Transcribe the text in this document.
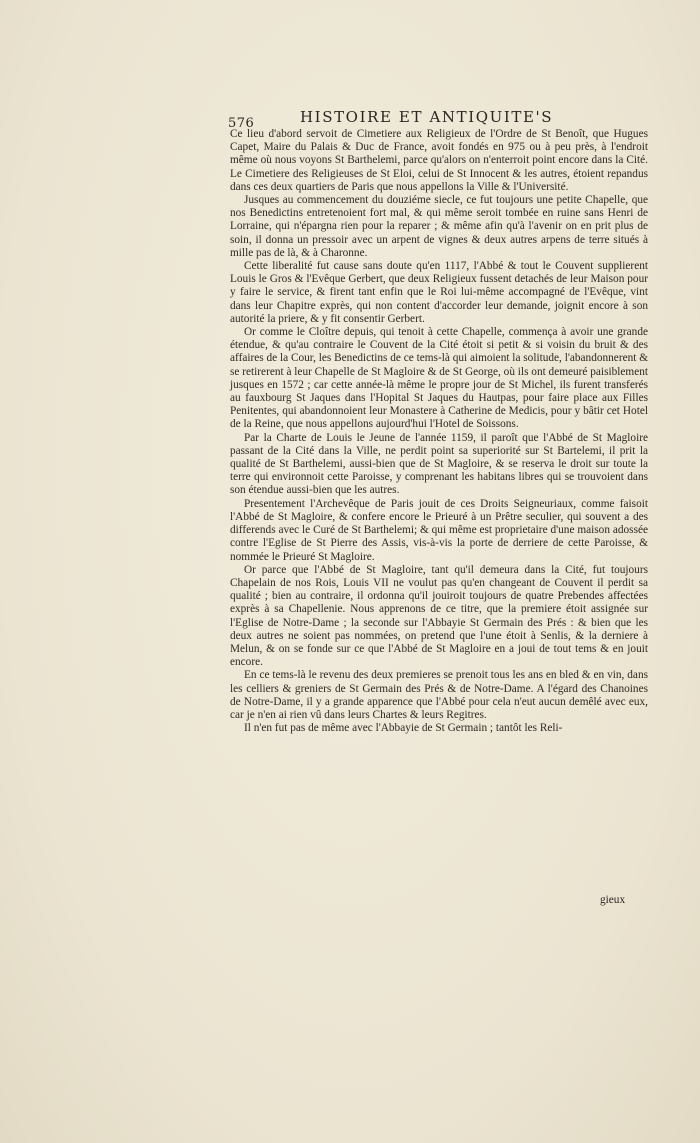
576	HISTOIRE ET ANTIQUITE'S

Ce lieu d'abord servoit de Cimetiere aux Religieux de l'Ordre de St Benoît, que Hugues Capet, Maire du Palais & Duc de France, avoit fondés en 975 ou à peu près, à l'endroit même où nous voyons St Barthelemi, parce qu'alors on n'enterroit point encore dans la Cité. Le Cimetiere des Religieuses de St Eloi, celui de St Innocent & les autres, étoient repandus dans ces deux quartiers de Paris que nous appellons la Ville & l'Université.

Jusques au commencement du douziéme siecle, ce fut toujours une petite Chapelle, que nos Benedictins entretenoient fort mal, & qui même seroit tombée en ruine sans Henri de Lorraine, qui n'épargna rien pour la reparer ; & même afin qu'à l'avenir on en prit plus de soin, il donna un pressoir avec un arpent de vignes & deux autres arpens de terre situés à mille pas de là, & à Charonne.

Cette liberalité fut cause sans doute qu'en 1117, l'Abbé & tout le Couvent supplierent Louis le Gros & l'Evêque Gerbert, que deux Religieux fussent detachés de leur Maison pour y faire le service, & firent tant enfin que le Roi lui-même accompagné de l'Evêque, vint dans leur Chapitre exprès, qui non content d'accorder leur demande, joignit encore à son autorité la priere, & y fit consentir Gerbert.

Or comme le Cloître depuis, qui tenoit à cette Chapelle, commença à avoir une grande étendue, & qu'au contraire le Couvent de la Cité étoit si petit & si voisin du bruit & des affaires de la Cour, les Benedictins de ce tems-là qui aimoient la solitude, l'abandonnerent & se retirerent à leur Chapelle de St Magloire & de St George, où ils ont demeuré paisiblement jusques en 1572 ; car cette année-là même le propre jour de St Michel, ils furent transferés au fauxbourg St Jaques dans l'Hopital St Jaques du Hautpas, pour faire place aux Filles Penitentes, qui abandonnoient leur Monastere à Catherine de Medicis, pour y bâtir cet Hotel de la Reine, que nous appellons aujourd'hui l'Hotel de Soissons.

Par la Charte de Louis le Jeune de l'année 1159, il paroît que l'Abbé de St Magloire passant de la Cité dans la Ville, ne perdit point sa superiorité sur St Bartelemi, il prit la qualité de St Barthelemi, aussi-bien que de St Magloire, & se reserva le droit sur toute la terre qui environnoit cette Paroisse, y comprenant les habitans libres qui se trouvoient dans son étendue aussi-bien que les autres.

Presentement l'Archevêque de Paris jouit de ces Droits Seigneuriaux, comme faisoit l'Abbé de St Magloire, & confere encore le Prieuré à un Prêtre seculier, qui souvent a des differends avec le Curé de St Barthelemi; & qui même est proprietaire d'une maison adossée contre l'Eglise de St Pierre des Assis, vis-à-vis la porte de derriere de cette Paroisse, & nommée le Prieuré St Magloire.

Or parce que l'Abbé de St Magloire, tant qu'il demeura dans la Cité, fut toujours Chapelain de nos Rois, Louis VII ne voulut pas qu'en changeant de Couvent il perdit sa qualité ; bien au contraire, il ordonna qu'il jouiroit toujours de quatre Prebendes affectées exprès à sa Chapellenie. Nous apprenons de ce titre, que la premiere étoit assignée sur l'Eglise de Notre-Dame ; la seconde sur l'Abbayie St Germain des Prés : & bien que les deux autres ne soient pas nommées, on pretend que l'une étoit à Senlis, & la derniere à Melun, & on se fonde sur ce que l'Abbé de St Magloire en a joui de tout tems & en jouit encore.

En ce tems-là le revenu des deux premieres se prenoit tous les ans en bled & en vin, dans les celliers & greniers de St Germain des Prés & de Notre-Dame. A l'égard des Chanoines de Notre-Dame, il y a grande apparence que l'Abbé pour cela n'eut aucun demêlé avec eux, car je n'en ai rien vû dans leurs Chartes & leurs Regitres.

Il n'en fut pas de même avec l'Abbayie de St Germain ; tantôt les Reli-

gieux
